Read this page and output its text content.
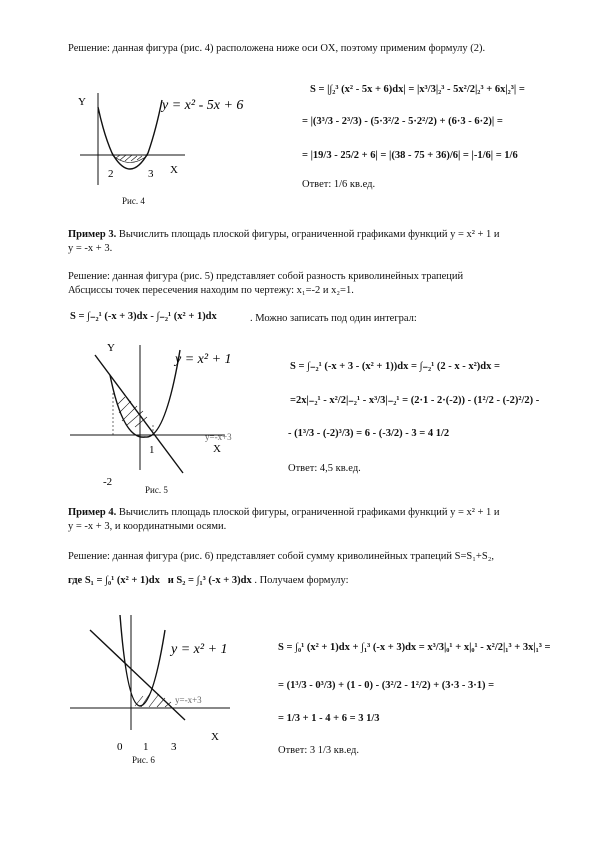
Решение: данная фигура (рис. 4) расположена ниже оси OX, поэтому применим формулу (2).
Y
X
2	3
y = x² - 5x + 6
Рис. 4
S = |∫₂³ (x² - 5x + 6)dx| = |x³/3|₂³ - 5x²/2|₂³ + 6x|₂³| =
= |(3³/3 - 2³/3) - (5·3²/2 - 5·2²/2) + (6·3 - 6·2)| =
= |19/3 - 25/2 + 6| = |(38 - 75 + 36)/6| = |-1/6| = 1/6
Ответ: 1/6 кв.ед.
Пример 3. Вычислить площадь плоской фигуры, ограниченной графиками функций y = x² + 1 и
y = -x + 3.
Решение: данная фигура (рис. 5) представляет собой разность криволинейных трапеций
Абсциссы точек пересечения находим по чертежу: x₁=-2 и x₂=1.
S = ∫₋₂¹ (-x + 3)dx - ∫₋₂¹ (x² + 1)dx	. Можно записать под один интеграл:
Y
X
-2
1
y = x² + 1
y=-x+3
Рис. 5
S = ∫₋₂¹ (-x + 3 - (x² + 1))dx = ∫₋₂¹ (2 - x - x²)dx =
=2x|₋₂¹ - x²/2|₋₂¹ - x³/3|₋₂¹ = (2·1 - 2·(-2)) - (1²/2 - (-2)²/2) -
- (1³/3 - (-2)³/3) = 6 - (-3/2) - 3 = 4 1/2
Ответ: 4,5 кв.ед.
Пример 4. Вычислить площадь плоской фигуры, ограниченной графиками функций y = x² + 1 и
y = -x + 3, и координатными осями.
Решение: данная фигура (рис. 6) представляет собой сумму криволинейных трапеций S=S₁+S₂,
где S₁ = ∫₀¹ (x² + 1)dx и S₂ = ∫₁³ (-x + 3)dx . Получаем формулу:
0 1 3
X
y = x² + 1
y=-x+3
Рис. 6
S = ∫₀¹ (x² + 1)dx + ∫₁³ (-x + 3)dx = x³/3|₀¹ + x|₀¹ - x²/2|₁³ + 3x|₁³ =
= (1³/3 - 0³/3) + (1 - 0) - (3²/2 - 1²/2) + (3·3 - 3·1) =
= 1/3 + 1 - 4 + 6 = 3 1/3
Ответ: 3 1/3 кв.ед.
